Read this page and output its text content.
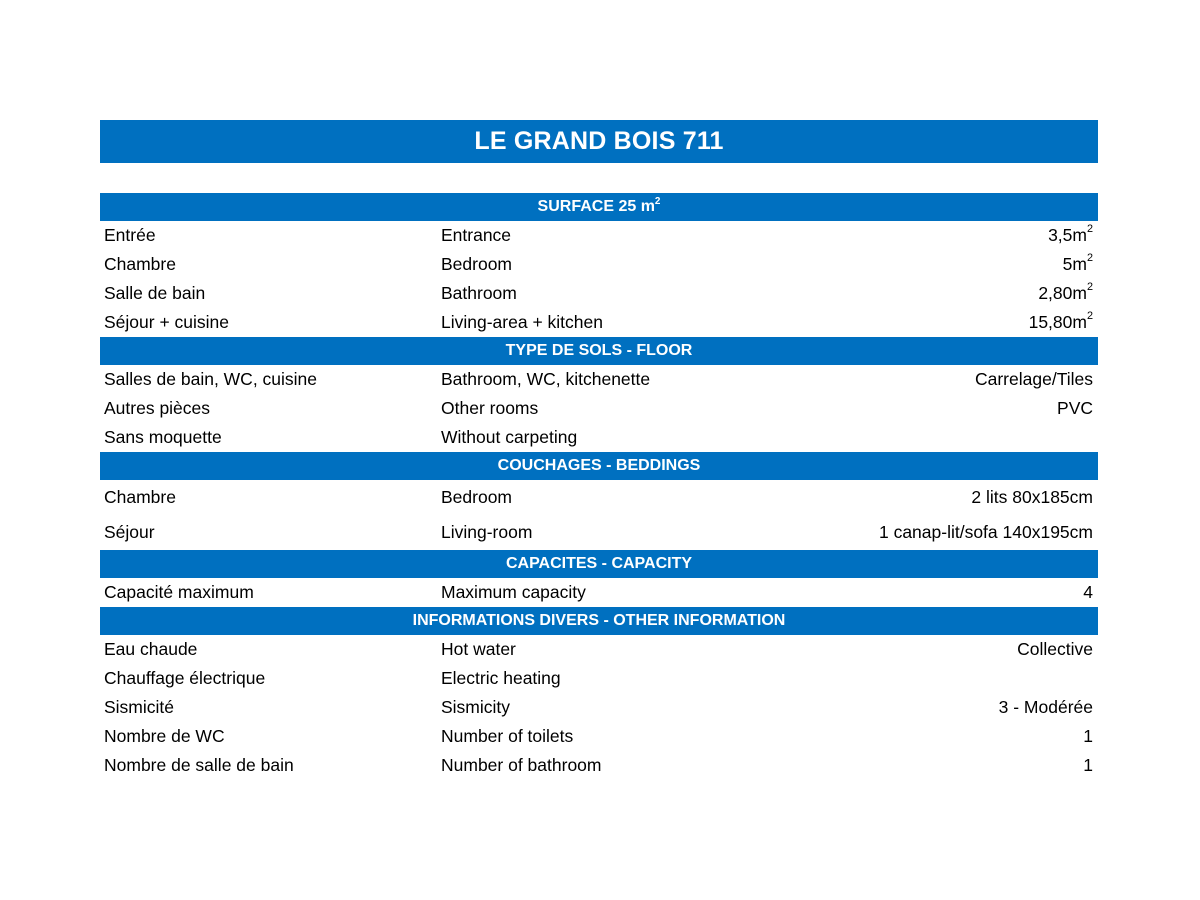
LE GRAND BOIS 711
SURFACE 25 $m^2$
Entrée	Entrance	$3,5m^2$
Chambre	Bedroom	$5m^2$
Salle de bain	Bathroom	$2,80m^2$
Séjour + cuisine	Living-area + kitchen	$15,80m^2$
TYPE DE SOLS - FLOOR
Salles de bain, WC, cuisine	Bathroom, WC, kitchenette	Carrelage/Tiles
Autres pièces	Other rooms	PVC
Sans moquette	Without carpeting
COUCHAGES - BEDDINGS
Chambre	Bedroom	2 lits 80x185cm
Séjour	Living-room	1 canap-lit/sofa 140x195cm
CAPACITES - CAPACITY
Capacité maximum	Maximum capacity	4
INFORMATIONS DIVERS - OTHER INFORMATION
Eau chaude	Hot water	Collective
Chauffage électrique	Electric heating
Sismicité	Sismicity	3 - Modérée
Nombre de WC	Number of toilets	1
Nombre de salle de bain	Number of bathroom	1
